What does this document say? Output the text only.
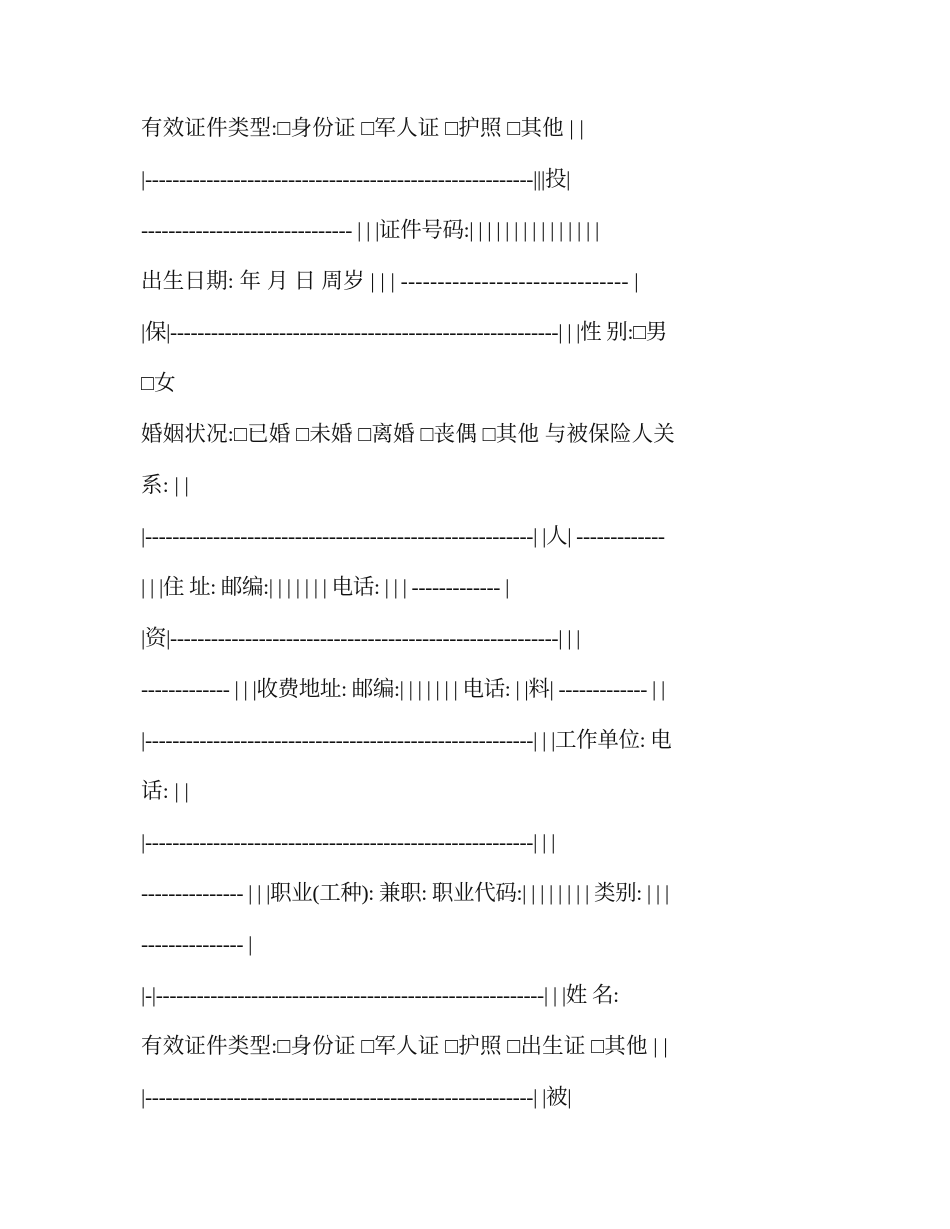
有效证件类型:□身份证 □军人证 □护照 □其他 | |
|---------------------------------------------------------|||投|
------------------------------- | | |证件号码:| | | | | | | | | | | | | | |
出生日期: 年 月 日 周岁 | | | ------------------------------- |
|保|---------------------------------------------------------| | |性 别:□男
□女
婚姻状况:□已婚 □未婚 □离婚 □丧偶 □其他 与被保险人关
系: | |
|---------------------------------------------------------| |人| -------------
| | |住 址: 邮编:| | | | | | | 电话: | | | ------------- |
|资|---------------------------------------------------------| | |
------------- | | |收费地址: 邮编:| | | | | | | 电话: | |料| ------------- | |
|---------------------------------------------------------| | |工作单位: 电
话: | |
|---------------------------------------------------------| | |
--------------- | | |职业(工种): 兼职: 职业代码:| | | | | | | | 类别: | | |
--------------- |
|-|---------------------------------------------------------| | |姓 名:
有效证件类型:□身份证 □军人证 □护照 □出生证 □其他 | |
|---------------------------------------------------------| |被|
